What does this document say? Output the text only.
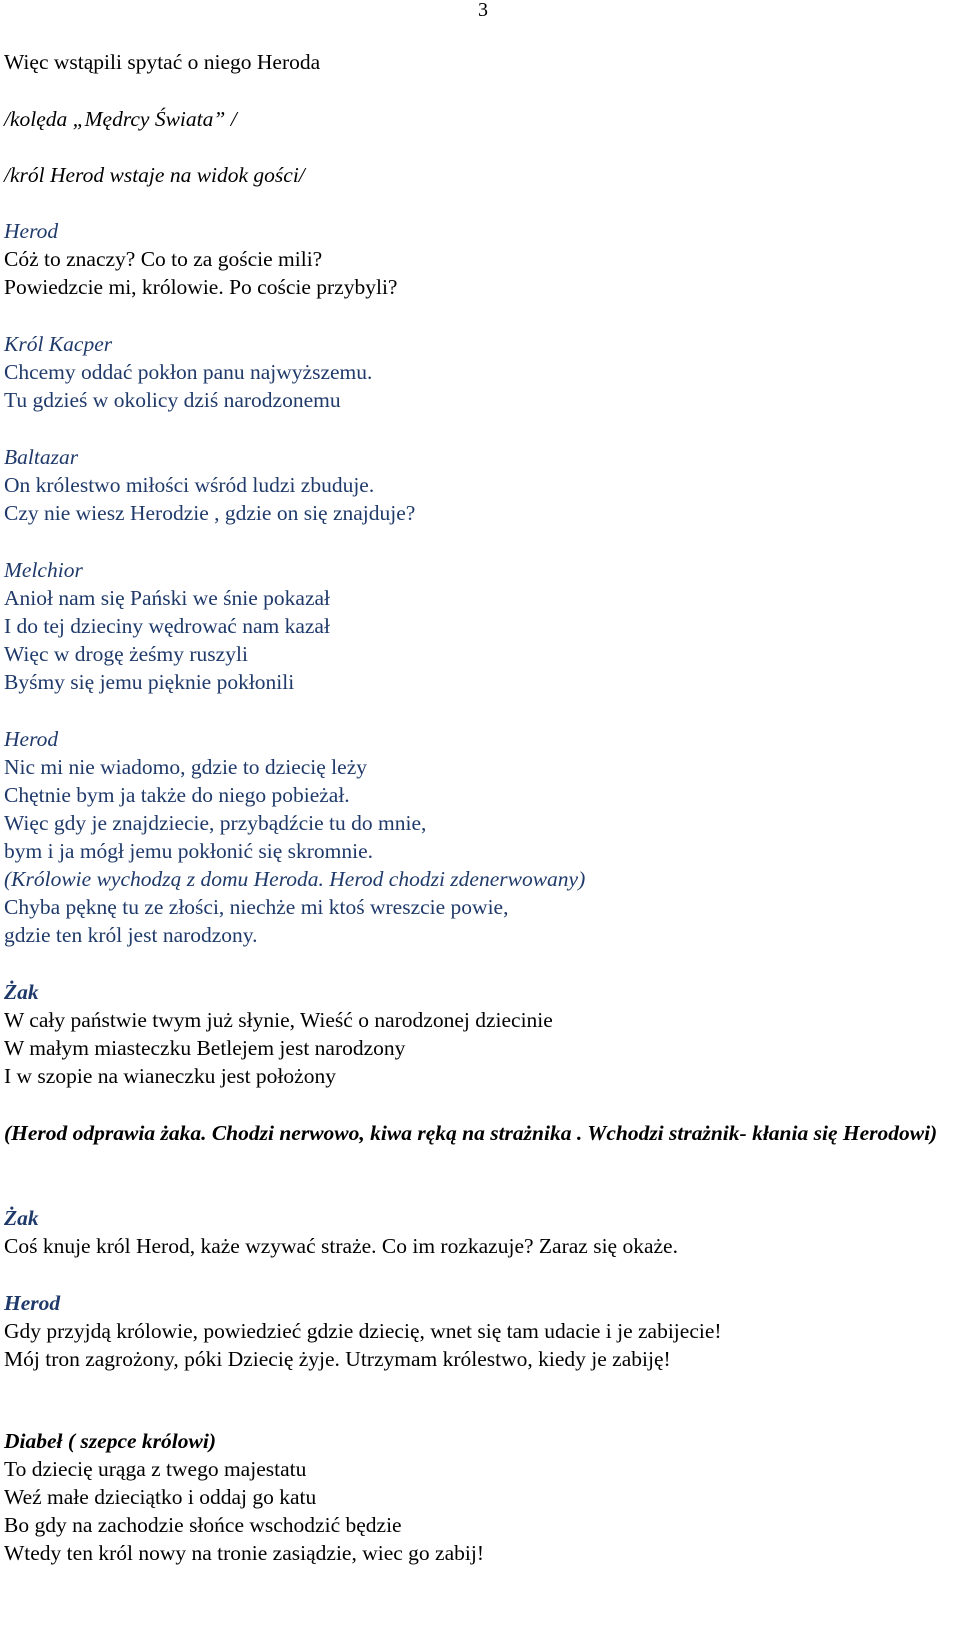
3

Więc wstąpili spytać o niego Heroda

/kolęda „Mędrcy Świata” /

/król Herod wstaje na widok gości/

Herod

Cóż to znaczy? Co to za goście mili?

Powiedzcie mi, królowie. Po coście przybyli?

Król Kacper

Chcemy oddać pokłon panu najwyższemu.

Tu gdzieś w okolicy dziś narodzonemu

Baltazar

On królestwo miłości wśród ludzi zbuduje.

Czy nie wiesz Herodzie , gdzie on się znajduje?

Melchior

Anioł nam się Pański we śnie pokazał

I do tej dzieciny wędrować nam kazał

Więc w drogę żeśmy ruszyli

Byśmy się jemu pięknie pokłonili

Herod

Nic mi nie wiadomo, gdzie to dziecię leży

Chętnie bym ja także do niego pobieżał.

Więc gdy je znajdziecie, przybądźcie tu do mnie,

bym i ja mógł jemu pokłonić się skromnie.

(Królowie wychodzą z domu Heroda. Herod chodzi zdenerwowany)

Chyba pęknę tu ze złości, niechże mi ktoś wreszcie powie,

gdzie ten król jest narodzony.

Żak

W cały państwie twym już słynie, Wieść o narodzonej dziecinie

W małym miasteczku Betlejem jest narodzony

I w szopie na wianeczku jest położony

(Herod odprawia żaka. Chodzi nerwowo, kiwa ręką na strażnika . Wchodzi strażnik- kłania się Herodowi)

Żak

Coś knuje król Herod, każe wzywać straże. Co im rozkazuje? Zaraz się okaże.

Herod

Gdy przyjdą królowie, powiedzieć gdzie dziecię, wnet się tam udacie i je zabijecie!

Mój tron zagrożony, póki Dziecię żyje. Utrzymam królestwo, kiedy je zabiję!

Diabeł ( szepce królowi)

To dziecię urąga z twego majestatu

Weź małe dzieciątko i oddaj go katu

Bo gdy na zachodzie słońce wschodzić będzie

Wtedy ten król nowy na tronie zasiądzie, wiec go zabij!
